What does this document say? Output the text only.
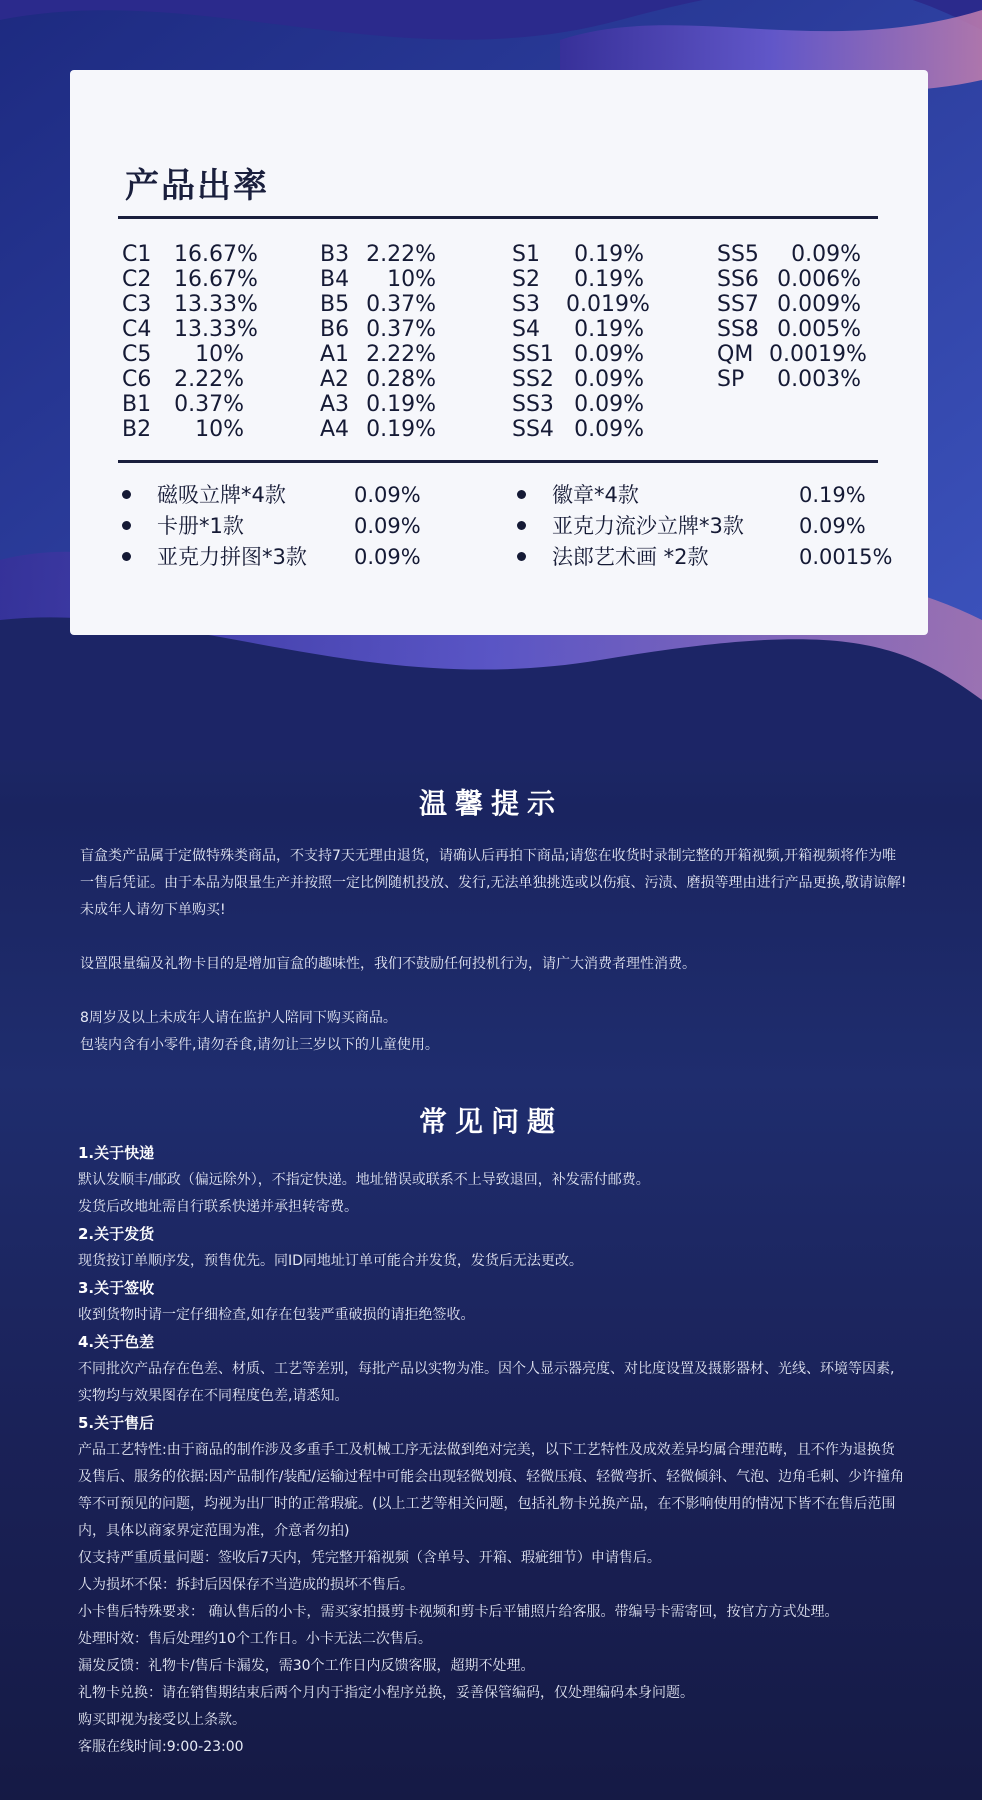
产品出率
C1 16.67%
C2 16.67%
C3 13.33%
C4 13.33%
C5 10%
C6 2.22%
B1 0.37%
B2 10%
B3 2.22%
B4 10%
B5 0.37%
B6 0.37%
A1 2.22%
A2 0.28%
A3 0.19%
A4 0.19%
S1 0.19%
S2 0.19%
S3 0.019%
S4 0.19%
SS1 0.09%
SS2 0.09%
SS3 0.09%
SS4 0.09%
SS5 0.09%
SS6 0.006%
SS7 0.009%
SS8 0.005%
QM 0.0019%
SP 0.003%
磁吸立牌*4款	0.09%
卡册*1款	0.09%
亚克力拼图*3款 0.09%
徽章*4款	0.19%
亚克力流沙立牌*3款	0.09%
法郎艺术画 *2款	0.0015%
温馨提示

盲盒类产品属于定做特殊类商品，不支持7天无理由退货，请确认后再拍下商品;请您在收货时录制完整的开箱视频,开箱视频将作为唯一售后凭证。由于本品为限量生产并按照一定比例随机投放、发行,无法单独挑选或以伤痕、污渍、磨损等理由进行产品更换,敬请谅解!未成年人请勿下单购买!

设置限量编及礼物卡目的是增加盲盒的趣味性，我们不鼓励任何投机行为，请广大消费者理性消费。

8周岁及以上未成年人请在监护人陪同下购买商品。

包装内含有小零件,请勿吞食,请勿让三岁以下的儿童使用。

常见问题

1.关于快递

默认发顺丰/邮政（偏远除外），不指定快递。地址错误或联系不上导致退回，补发需付邮费。

发货后改地址需自行联系快递并承担转寄费。

2.关于发货

现货按订单顺序发，预售优先。同ID同地址订单可能合并发货，发货后无法更改。

3.关于签收

收到货物时请一定仔细检查,如存在包装严重破损的请拒绝签收。

4.关于色差

不同批次产品存在色差、材质、工艺等差别，每批产品以实物为准。因个人显示器亮度、对比度设置及摄影器材、光线、环境等因素,实物均与效果图存在不同程度色差,请悉知。

5.关于售后

产品工艺特性:由于商品的制作涉及多重手工及机械工序无法做到绝对完美，以下工艺特性及成效差异均属合理范畴，且不作为退换货及售后、服务的依据:因产品制作/装配/运输过程中可能会出现轻微划痕、轻微压痕、轻微弯折、轻微倾斜、气泡、边角毛刺、少许撞角等不可预见的问题，均视为出厂时的正常瑕疵。(以上工艺等相关问题，包括礼物卡兑换产品，在不影响使用的情况下皆不在售后范围内，具体以商家界定范围为准，介意者勿拍)

仅支持严重质量问题：签收后7天内，凭完整开箱视频（含单号、开箱、瑕疵细节）申请售后。

人为损坏不保：拆封后因保存不当造成的损坏不售后。

小卡售后特殊要求： 确认售后的小卡，需买家拍摄剪卡视频和剪卡后平铺照片给客服。带编号卡需寄回，按官方方式处理。

处理时效：售后处理约10个工作日。小卡无法二次售后。

漏发反馈：礼物卡/售后卡漏发，需30个工作日内反馈客服，超期不处理。

礼物卡兑换：请在销售期结束后两个月内于指定小程序兑换，妥善保管编码，仅处理编码本身问题。

购买即视为接受以上条款。

客服在线时间:9:00-23:00
